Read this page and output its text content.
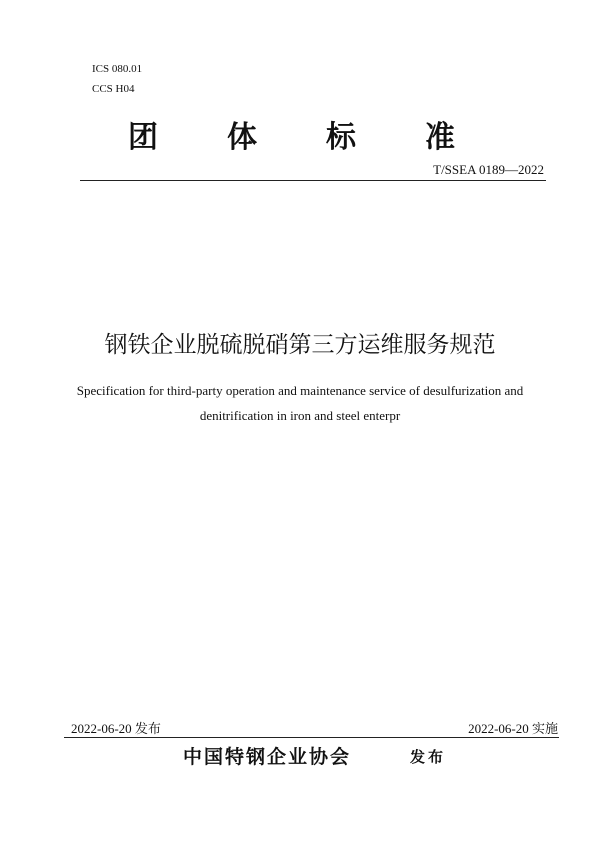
ICS 080.01
CCS H04
团 体 标 准
T/SSEA 0189—2022
钢铁企业脱硫脱硝第三方运维服务规范
Specification for third-party operation and maintenance service of desulfurization and
denitrification in iron and steel enterpr
2022-06-20 发布	2022-06-20 实施
中国特钢企业协会	发布
